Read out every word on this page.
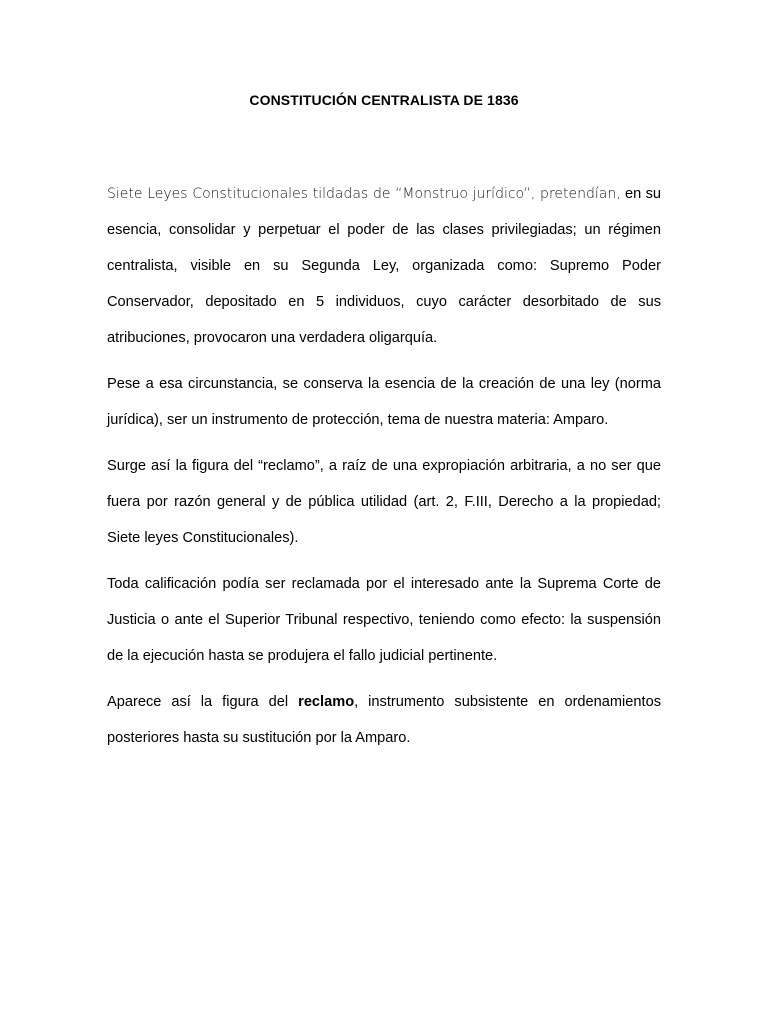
CONSTITUCIÓN CENTRALISTA DE 1836

Siete Leyes Constitucionales tildadas de “Monstruo jurídico”, pretendían, en su esencia, consolidar y perpetuar el poder de las clases privilegiadas; un régimen centralista, visible en su Segunda Ley, organizada como: Supremo Poder Conservador, depositado en 5 individuos, cuyo carácter desorbitado de sus atribuciones, provocaron una verdadera oligarquía.

Pese a esa circunstancia, se conserva la esencia de la creación de una ley (norma jurídica), ser un instrumento de protección, tema de nuestra materia: Amparo.

Surge así la figura del “reclamo”, a raíz de una expropiación arbitraria, a no ser que fuera por razón general y de pública utilidad (art. 2, F.III, Derecho a la propiedad; Siete leyes Constitucionales).

Toda calificación podía ser reclamada por el interesado ante la Suprema Corte de Justicia o ante el Superior Tribunal respectivo, teniendo como efecto: la suspensión de la ejecución hasta se produjera el fallo judicial pertinente.

Aparece así la figura del reclamo, instrumento subsistente en ordenamientos posteriores hasta su sustitución por la Amparo.
